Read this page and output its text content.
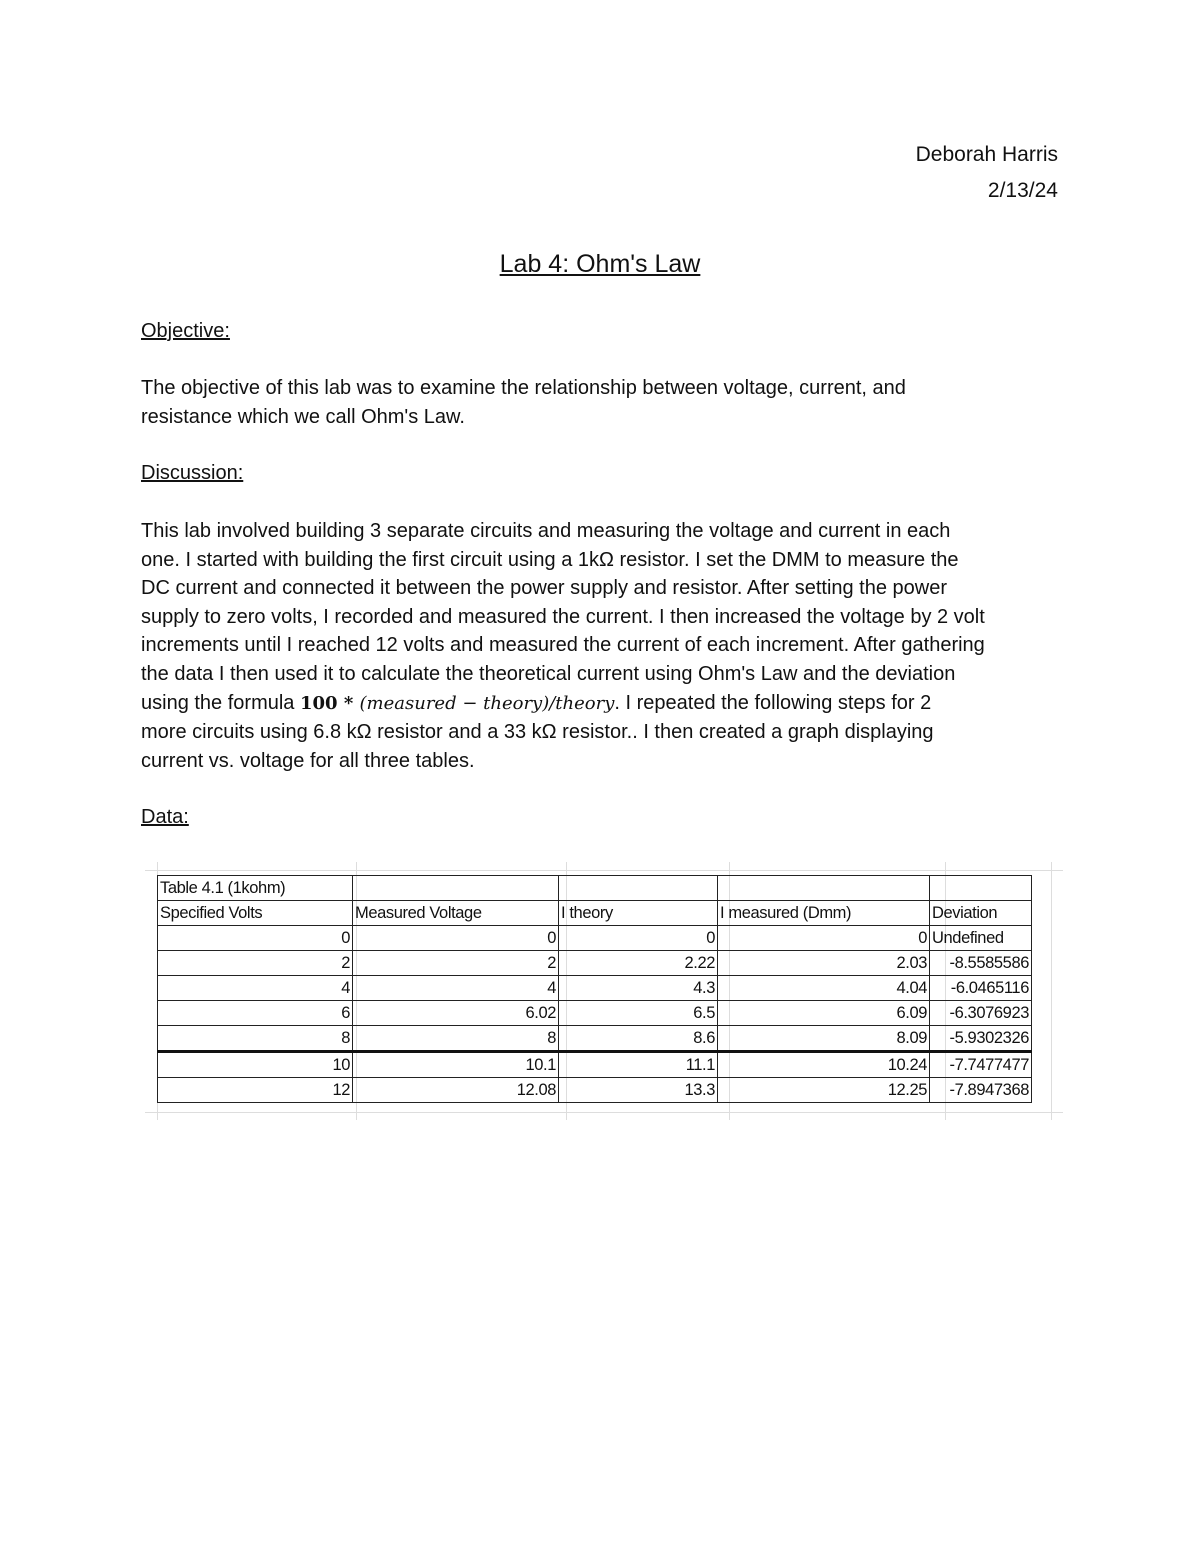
Deborah Harris
2/13/24
Lab 4: Ohm's Law
Objective:
The objective of this lab was to examine the relationship between voltage, current, and
resistance which we call Ohm's Law.
Discussion:
This lab involved building 3 separate circuits and measuring the voltage and current in each
one. I started with building the first circuit using a 1kΩ resistor. I set the DMM to measure the
DC current and connected it between the power supply and resistor. After setting the power
supply to zero volts, I recorded and measured the current. I then increased the voltage by 2 volt
increments until I reached 12 volts and measured the current of each increment. After gathering
the data I then used it to calculate the theoretical current using Ohm's Law and the deviation
using the formula 100 * (measured − theory)/theory. I repeated the following steps for 2
more circuits using 6.8 kΩ resistor and a 33 kΩ resistor.. I then created a graph displaying
current vs. voltage for all three tables.
Data:
Table 4.1 (1kohm)				
Specified Volts	Measured Voltage	I theory	I measured (Dmm)	Deviation
0	0	0	0	Undefined
2	2	2.22	2.03	-8.5585586
4	4	4.3	4.04	-6.0465116
6	6.02	6.5	6.09	-6.3076923
8	8	8.6	8.09	-5.9302326
10	10.1	11.1	10.24	-7.7477477
12	12.08	13.3	12.25	-7.8947368
